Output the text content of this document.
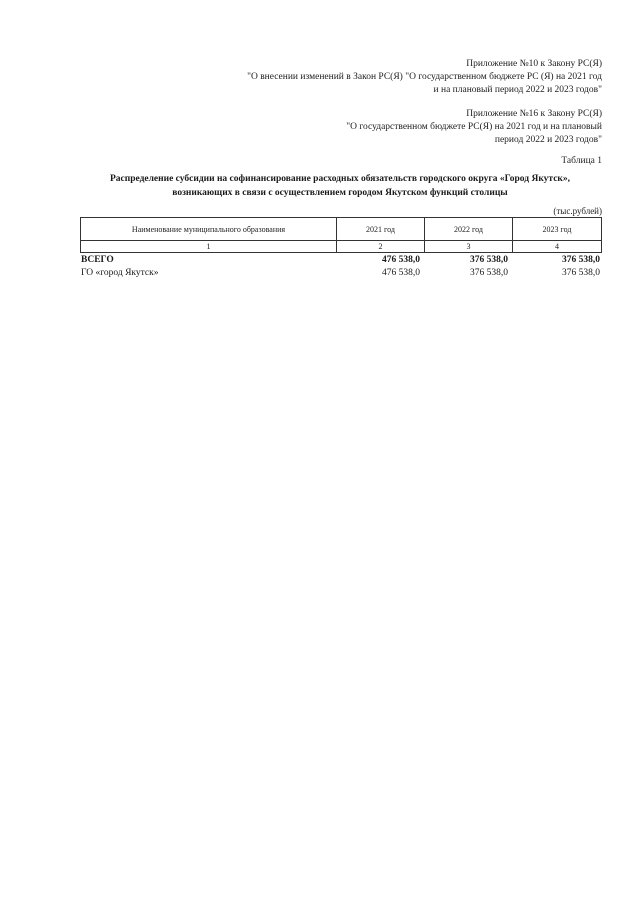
Приложение №10 к Закону РС(Я)
"О внесении изменений в Закон РС(Я) "О государственном бюджете РС (Я) на 2021 год
и на плановый период 2022 и 2023 годов"
Приложение №16 к Закону РС(Я)
"О государственном бюджете РС(Я) на 2021 год и на плановый
период 2022 и 2023 годов"
Таблица 1
Распределение субсидии на софинансирование расходных обязательств городского округа «Город Якутск»,
возникающих в связи с осуществлением городом Якутском функций столицы
(тыс.рублей)
Наименование муниципального образования	2021 год	2022 год	2023 год
1	2	3	4
ВСЕГО	476 538,0	376 538,0	376 538,0
ГО «город Якутск»	476 538,0	376 538,0	376 538,0
